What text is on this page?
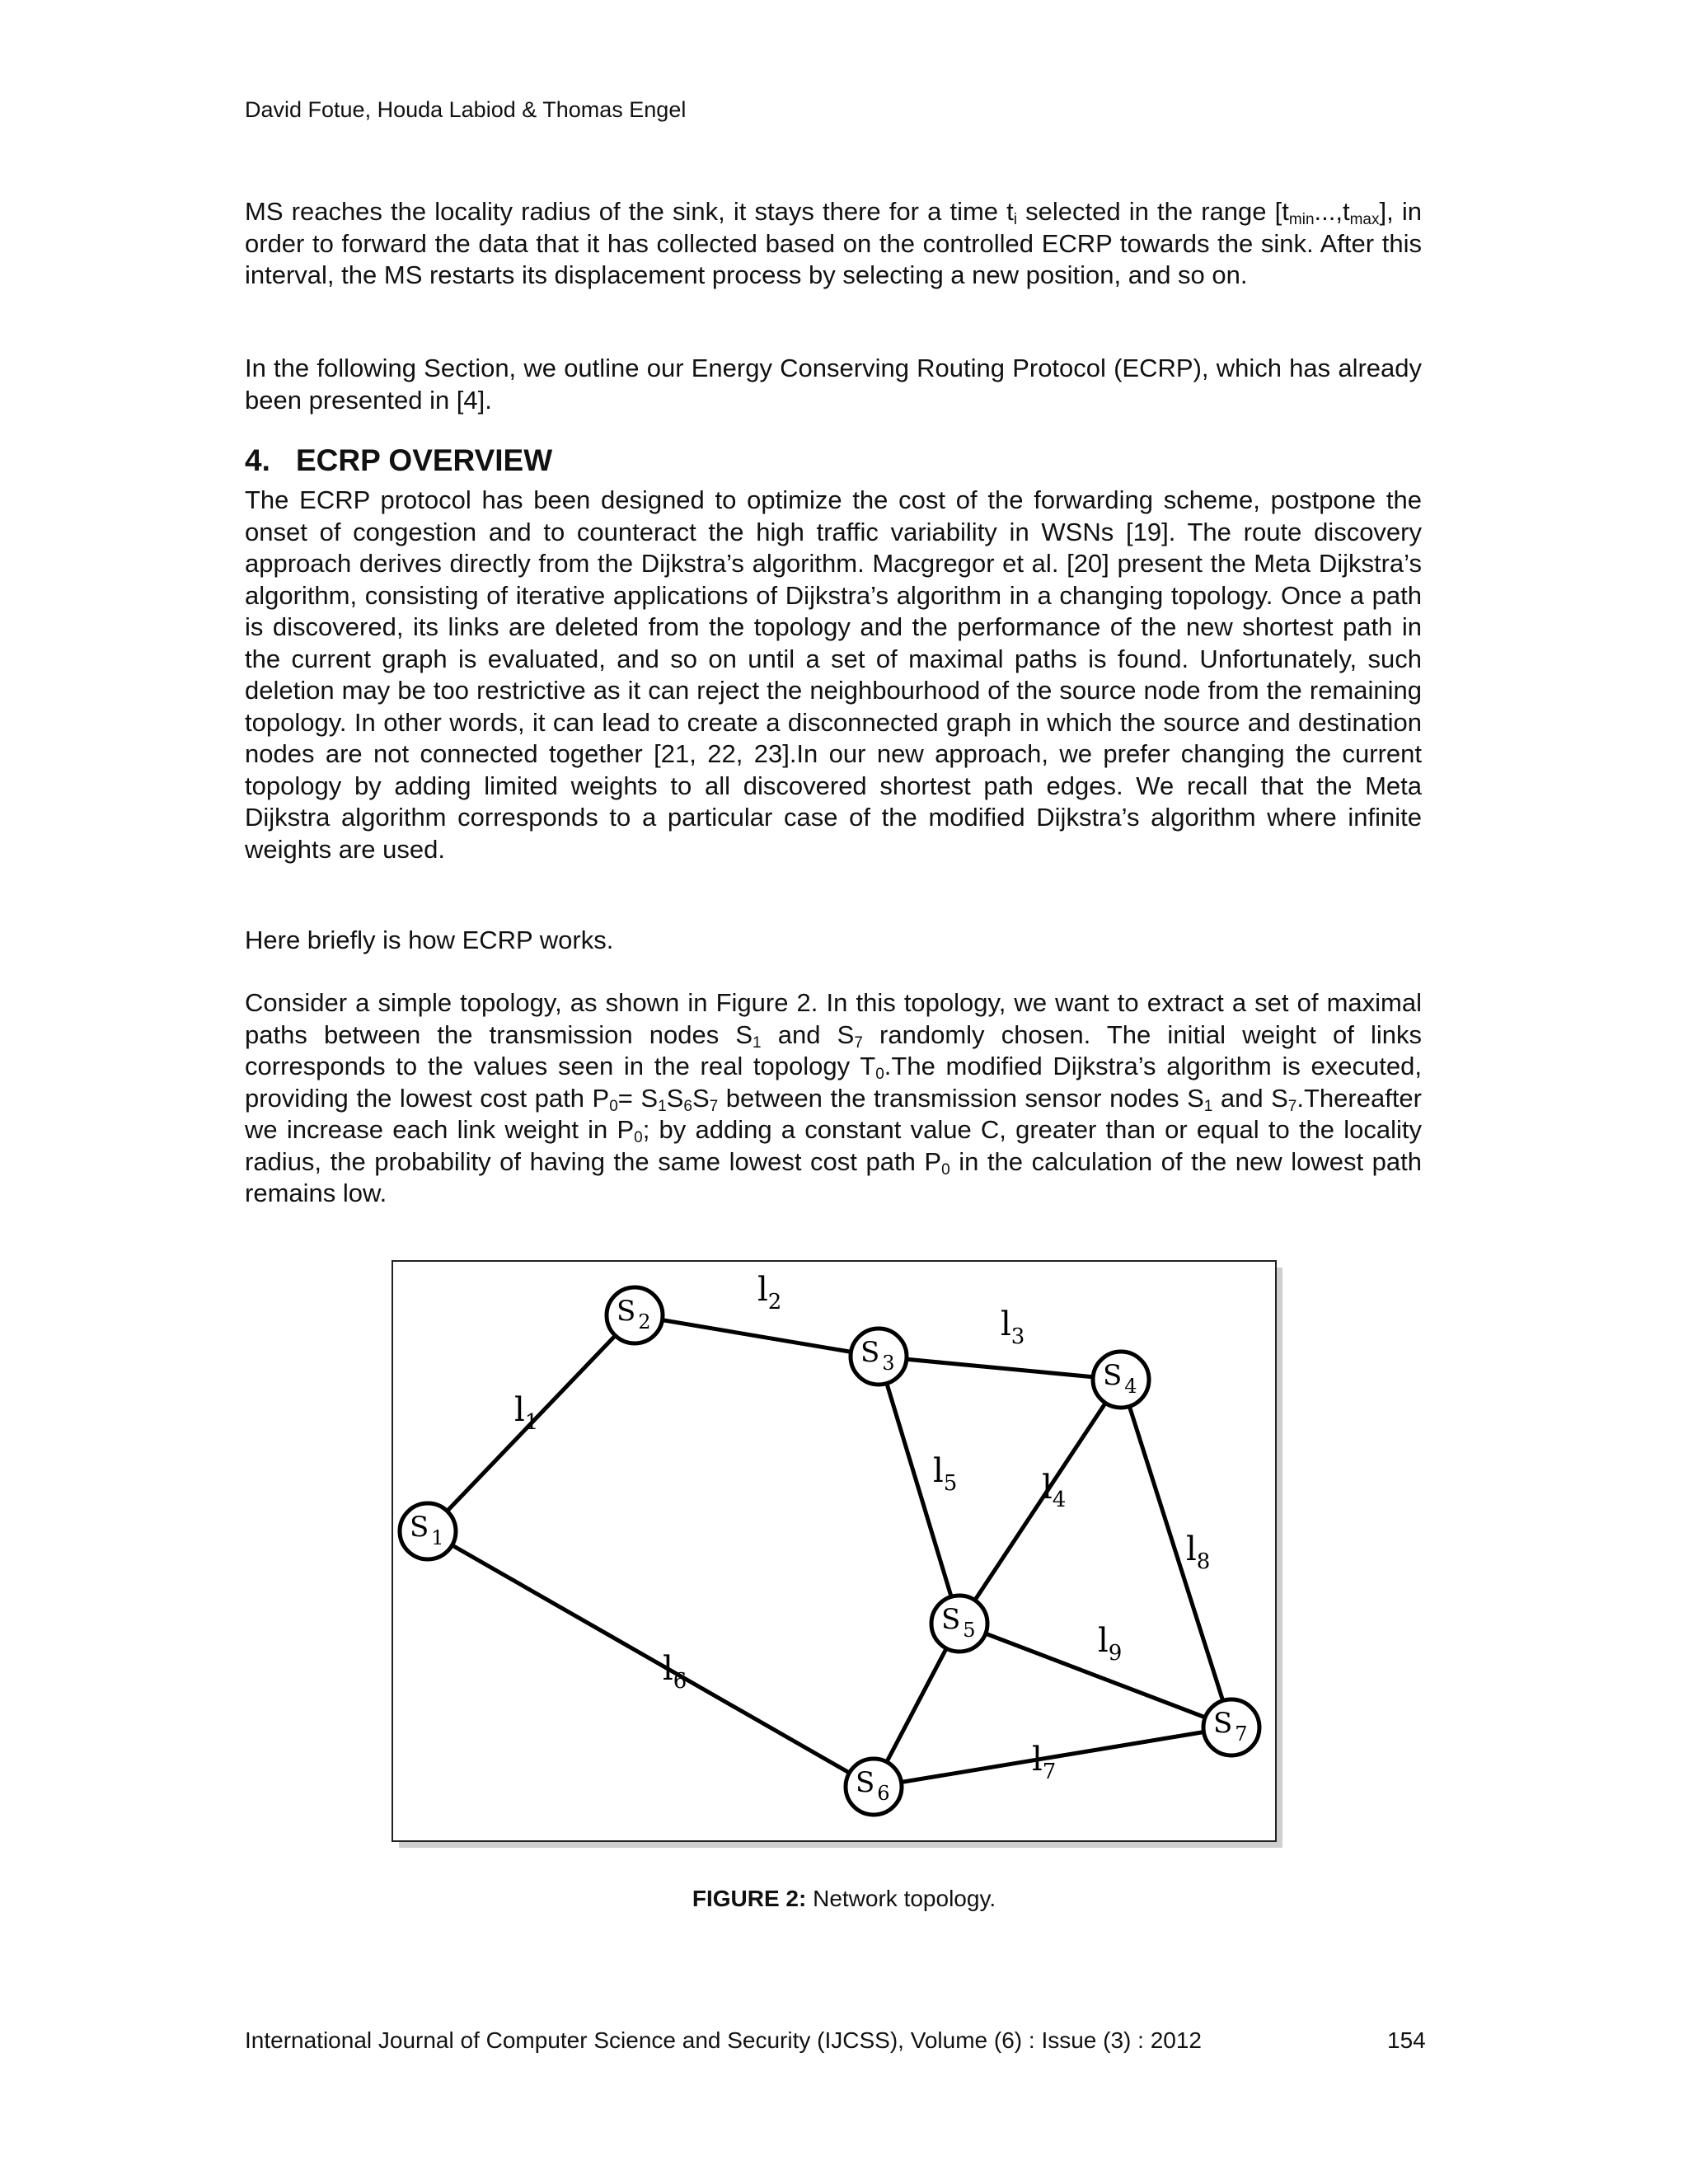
David Fotue, Houda Labiod & Thomas Engel

MS reaches the locality radius of the sink, it stays there for a time $t_i$ selected in the range $[t_{min}...,t_{max}]$, in order to forward the data that it has collected based on the controlled ECRP towards the sink. After this interval, the MS restarts its displacement process by selecting a new position, and so on.

In the following Section, we outline our Energy Conserving Routing Protocol (ECRP), which has already been presented in [4].

4. ECRP OVERVIEW

The ECRP protocol has been designed to optimize the cost of the forwarding scheme, postpone the onset of congestion and to counteract the high traffic variability in WSNs [19]. The route discovery approach derives directly from the Dijkstra’s algorithm. Macgregor et al. [20] present the Meta Dijkstra’s algorithm, consisting of iterative applications of Dijkstra’s algorithm in a changing topology. Once a path is discovered, its links are deleted from the topology and the performance of the new shortest path in the current graph is evaluated, and so on until a set of maximal paths is found. Unfortunately, such deletion may be too restrictive as it can reject the neighbourhood of the source node from the remaining topology. In other words, it can lead to create a disconnected graph in which the source and destination nodes are not connected together [21, 22, 23].In our new approach, we prefer changing the current topology by adding limited weights to all discovered shortest path edges. We recall that the Meta Dijkstra algorithm corresponds to a particular case of the modified Dijkstra’s algorithm where infinite weights are used.

Here briefly is how ECRP works.

Consider a simple topology, as shown in Figure 2. In this topology, we want to extract a set of maximal paths between the transmission nodes $S_1$ and $S_7$ randomly chosen. The initial weight of links corresponds to the values seen in the real topology $T_0.The$ modified Dijkstra’s algorithm is executed, providing the lowest cost path $P_0= S_1S_6S_7$ between the transmission sensor nodes $S_1$ and $S_7.Thereafter$ we increase each link weight in $P_0$; by adding a constant value C, greater than or equal to the locality radius, the probability of having the same lowest cost path $P_0$ in the calculation of the new lowest path remains low.

$l_1$
$l_2$
$l_3$
$l_4$
$l_5$
$l_6$
$l_7$
$l_8$
$l_9$
S $_1$
S $_2$
S $_3$	S $_4$
S $_5$
S $_6$
S $_7$
FIGURE 2: Network topology.
International Journal of Computer Science and Security (IJCSS), Volume (6) : Issue (3) : 2012	154
